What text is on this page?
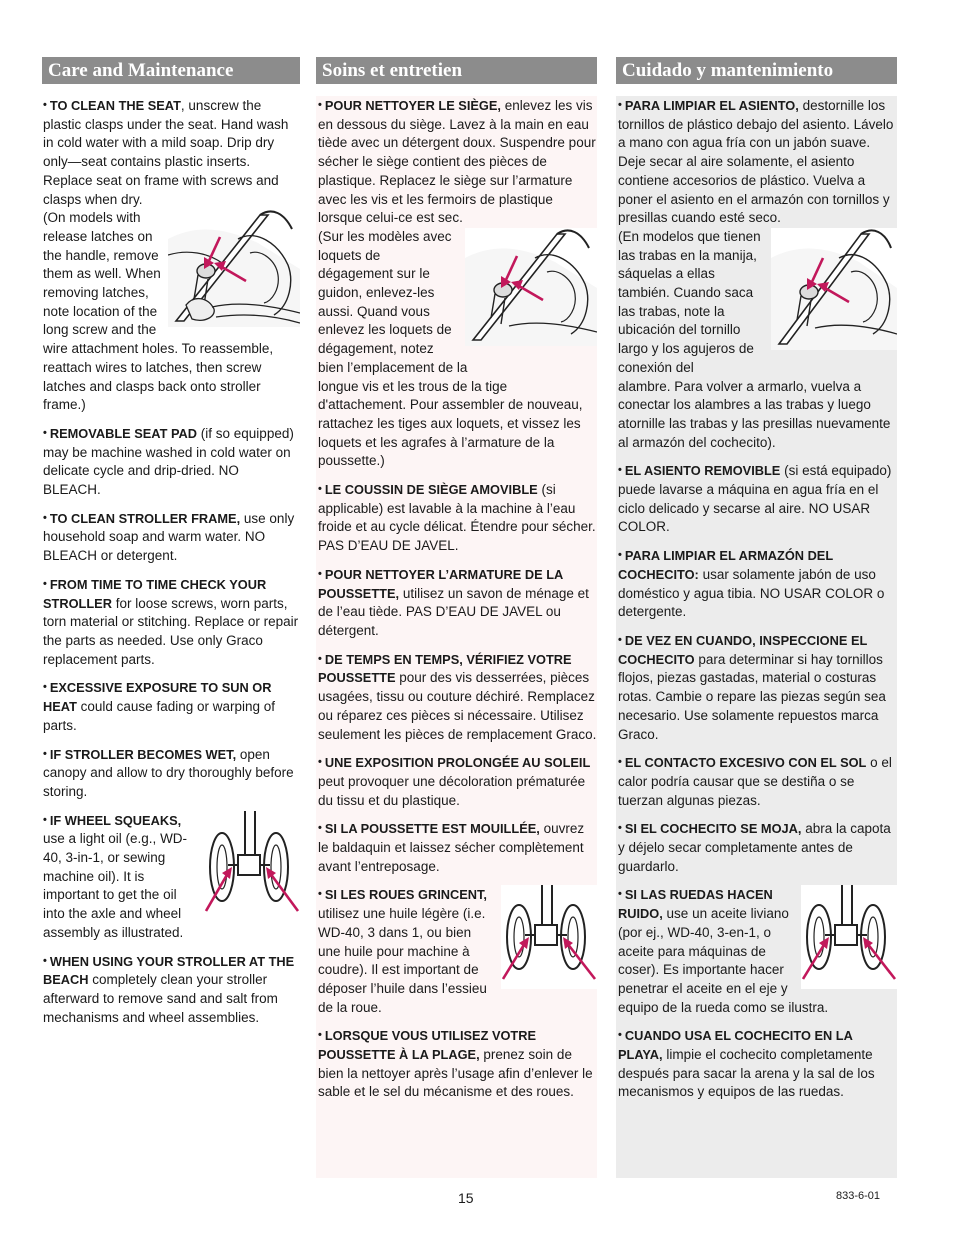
Care and Maintenance

• TO CLEAN THE SEAT, unscrew the plastic clasps under the seat. Hand wash in cold water with a mild soap. Drip dry only—seat contains plastic inserts. Replace seat on frame with screws and clasps when dry.

(On models with release latches on the handle, remove them as well. When removing latches, note location of the long screw and the
wire attachment holes. To reassemble, reattach wires to latches, then screw latches and clasps back onto stroller frame.)

• REMOVABLE SEAT PAD (if so equipped) may be machine washed in cold water on delicate cycle and drip-dried. NO BLEACH.

• TO CLEAN STROLLER FRAME, use only household soap and warm water. NO BLEACH or detergent.

• FROM TIME TO TIME CHECK YOUR STROLLER for loose screws, worn parts, torn material or stitching. Replace or repair the parts as needed. Use only Graco replacement parts.

• EXCESSIVE EXPOSURE TO SUN OR HEAT could cause fading or warping of parts.

• IF STROLLER BECOMES WET, open canopy and allow to dry thoroughly before storing.

• IF WHEEL SQUEAKS, use a light oil (e.g., WD-40, 3-in-1, or sewing machine oil). It is important to get the oil into the axle and wheel assembly as illustrated.

• WHEN USING YOUR STROLLER AT THE BEACH completely clean your stroller afterward to remove sand and salt from mechanisms and wheel assemblies.

Soins et entretien

• POUR NETTOYER LE SIÈGE, enlevez les vis en dessous du siège. Lavez à la main en eau tiède avec un détergent doux. Suspendre pour sécher le siège contient des pièces de plastique. Replacez le siège sur l’armature avec les vis et les fermoirs de plastique lorsque celui-ce est sec.

(Sur les modèles avec loquets de dégagement sur le guidon, enlevez-les aussi. Quand vous enlevez les loquets de dégagement, notez bien l’emplacement de la
longue vis et les trous de la tige d'attachement. Pour assembler de nouveau, rattachez les tiges aux loquets, et vissez les loquets et les agrafes à l’armature de la poussette.)

• LE COUSSIN DE SIÈGE AMOVIBLE (si applicable) est lavable à la machine à l’eau froide et au cycle délicat. Étendre pour sécher. PAS D’EAU DE JAVEL.

• POUR NETTOYER L’ARMATURE DE LA POUSSETTE, utilisez un savon de ménage et de l’eau tiède. PAS D’EAU DE JAVEL ou détergent.

• DE TEMPS EN TEMPS, VÉRIFIEZ VOTRE POUSSETTE pour des vis desserrées, pièces usagées, tissu ou couture déchiré. Remplacez ou réparez ces pièces si nécessaire. Utilisez seulement les pièces de remplacement Graco.

• UNE EXPOSITION PROLONGÉE AU SOLEIL peut provoquer une décoloration prématurée du tissu et du plastique.

• SI LA POUSSETTE EST MOUILLÉE, ouvrez le baldaquin et laissez sécher complètement avant l’entreposage.

• SI LES ROUES GRINCENT, utilisez une huile légère (i.e. WD-40, 3 dans 1, ou bien une huile pour machine à coudre). Il est important de déposer l’huile dans l’essieu de la roue.

• LORSQUE VOUS UTILISEZ VOTRE POUSSETTE À LA PLAGE, prenez soin de bien la nettoyer après l’usage afin d’enlever le sable et le sel du mécanisme et des roues.

Cuidado y mantenimiento

• PARA LIMPIAR EL ASIENTO, destornille los tornillos de plástico debajo del asiento. Lávelo a mano con agua fría con un jabón suave. Deje secar al aire solamente, el asiento contiene accesorios de plástico. Vuelva a poner el asiento en el armazón con tornillos y presillas cuando esté seco.

(En modelos que tienen las trabas en la manija, sáquelas a ellas también. Cuando saca las trabas, note la ubicación del tornillo largo y los agujeros de conexión del
alambre. Para volver a armarlo, vuelva a conectar los alambres a las trabas y luego atornille las trabas y las presillas nuevamente al armazón del cochecito).

• EL ASIENTO REMOVIBLE (si está equipado) puede lavarse a máquina en agua fría en el ciclo delicado y secarse al aire. NO USAR COLOR.

• PARA LIMPIAR EL ARMAZÓN DEL COCHECITO: usar solamente jabón de uso doméstico y agua tibia. NO USAR COLOR o detergente.

• DE VEZ EN CUANDO, INSPECCIONE EL COCHECITO para determinar si hay tornillos flojos, piezas gastadas, material o costuras rotas. Cambie o repare las piezas según sea necesario. Use solamente repuestos marca Graco.

• EL CONTACTO EXCESIVO CON EL SOL o el calor podría causar que se destiña o se tuerzan algunas piezas.

• SI EL COCHECITO SE MOJA, abra la capota y déjelo secar completamente antes de guardarlo.

• SI LAS RUEDAS HACEN RUIDO, use un aceite liviano (por ej., WD-40, 3-en-1, o aceite para máquinas de coser). Es importante hacer penetrar el aceite en el eje y equipo de la rueda como se ilustra.

• CUANDO USA EL COCHECITO EN LA PLAYA, limpie el cochecito completamente después para sacar la arena y la sal de los mecanismos y equipos de las ruedas.

15	833-6-01
